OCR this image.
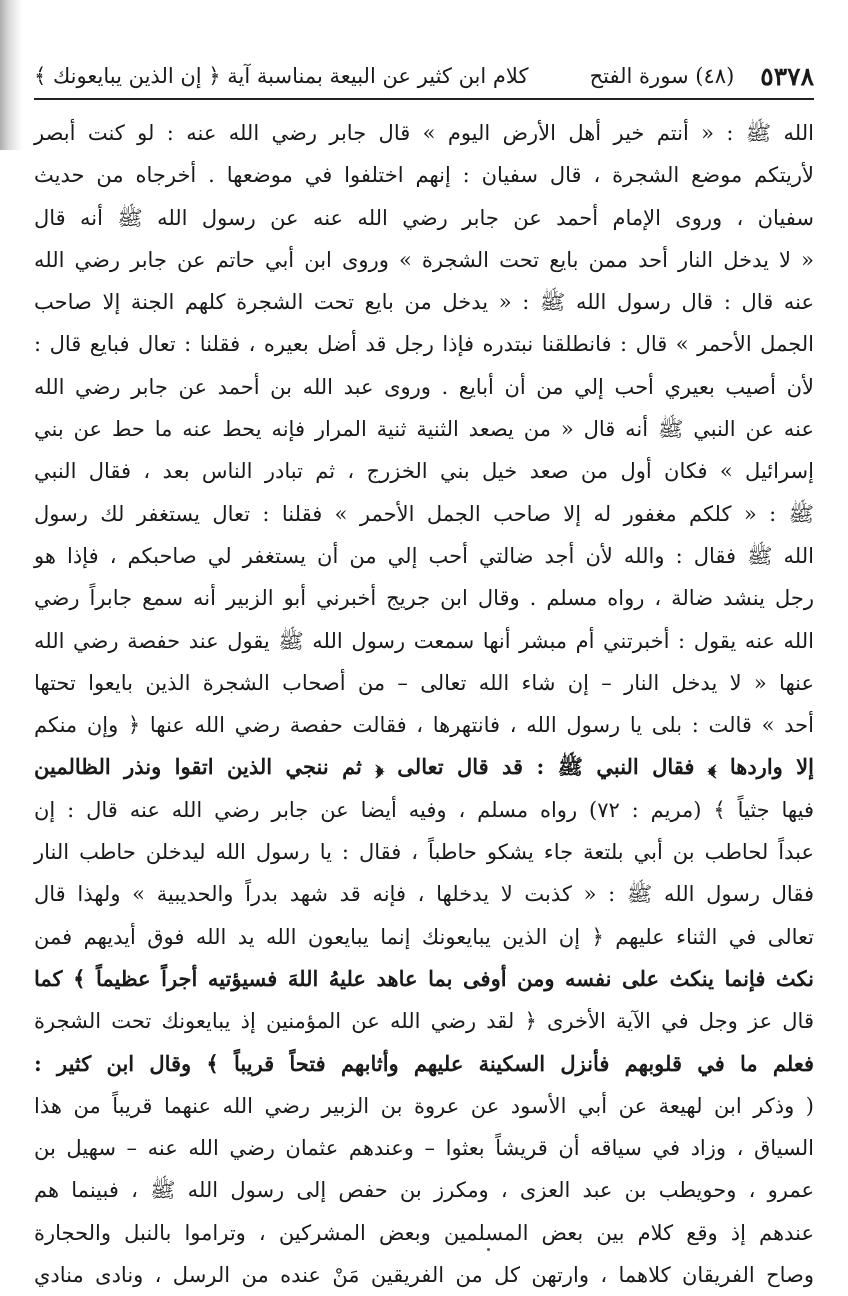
٥٣٧٨
(٤٨) سورة الفتح
كلام ابن كثير عن البيعة بمناسبة آية ﴿ إن الذين يبايعونك ﴾
الله ﷺ : « أنتم خير أهل الأرض اليوم » قال جابر رضي الله عنه : لو كنت أبصر
لأريتكم موضع الشجرة ، قال سفيان : إنهم اختلفوا في موضعها . أخرجاه من حديث
سفيان ، وروى الإمام أحمد عن جابر رضي الله عنه عن رسول الله ﷺ أنه قال
« لا يدخل النار أحد ممن بايع تحت الشجرة » وروى ابن أبي حاتم عن جابر رضي الله
عنه قال : قال رسول الله ﷺ : « يدخل من بايع تحت الشجرة كلهم الجنة إلا صاحب
الجمل الأحمر » قال : فانطلقنا نبتدره فإذا رجل قد أضل بعيره ، فقلنا : تعال فبايع قال :
لأن أصيب بعيري أحب إلي من أن أبايع . وروى عبد الله بن أحمد عن جابر رضي الله
عنه عن النبي ﷺ أنه قال « من يصعد الثنية ثنية المرار فإنه يحط عنه ما حط عن بني
إسرائيل » فكان أول من صعد خيل بني الخزرج ، ثم تبادر الناس بعد ، فقال النبي
ﷺ : « كلكم مغفور له إلا صاحب الجمل الأحمر » فقلنا : تعال يستغفر لك رسول
الله ﷺ فقال : والله لأن أجد ضالتي أحب إلي من أن يستغفر لي صاحبكم ، فإذا هو
رجل ينشد ضالة ، رواه مسلم . وقال ابن جريج أخبرني أبو الزبير أنه سمع جابراً رضي
الله عنه يقول : أخبرتني أم مبشر أنها سمعت رسول الله ﷺ يقول عند حفصة رضي الله
عنها « لا يدخل النار – إن شاء الله تعالى – من أصحاب الشجرة الذين بايعوا تحتها
أحد » قالت : بلى يا رسول الله ، فانتهرها ، فقالت حفصة رضي الله عنها ﴿ وإن منكم
إلا واردها ﴾ فقال النبي ﷺ : قد قال تعالى ﴿ ثم ننجي الذين اتقوا ونذر الظالمين
فيها جثياً ﴾ (مريم : ٧٢) رواه مسلم ، وفيه أيضا عن جابر رضي الله عنه قال : إن
عبداً لحاطب بن أبي بلتعة جاء يشكو حاطباً ، فقال : يا رسول الله ليدخلن حاطب النار
فقال رسول الله ﷺ : « كذبت لا يدخلها ، فإنه قد شهد بدراً والحديبية » ولهذا قال
تعالى في الثناء عليهم ﴿ إن الذين يبايعونك إنما يبايعون الله يد الله فوق أيديهم فمن
نكث فإنما ينكث على نفسه ومن أوفى بما عاهد عليهُ اللهَ فسيؤتيه أجراً عظيماً ﴾ كما
قال عز وجل في الآية الأخرى ﴿ لقد رضي الله عن المؤمنين إذ يبايعونك تحت الشجرة
فعلم ما في قلوبهم فأنزل السكينة عليهم وأثابهم فتحاً قريباً ﴾ وقال ابن كثير :
( وذكر ابن لهيعة عن أبي الأسود عن عروة بن الزبير رضي الله عنهما قريباً من هذا
السياق ، وزاد في سياقه أن قريشاً بعثوا – وعندهم عثمان رضي الله عنه – سهيل بن
عمرو ، وحويطب بن عبد العزى ، ومكرز بن حفص إلى رسول الله ﷺ ، فبينما هم
عندهم إذ وقع كلام بين بعض المسلمين وبعض المشركين ، وتراموا بالنبل والحجارة
وصاح الفريقان كلاهما ، وارتهن كل من الفريقين مَنْ عنده من الرسل ، ونادى منادي
